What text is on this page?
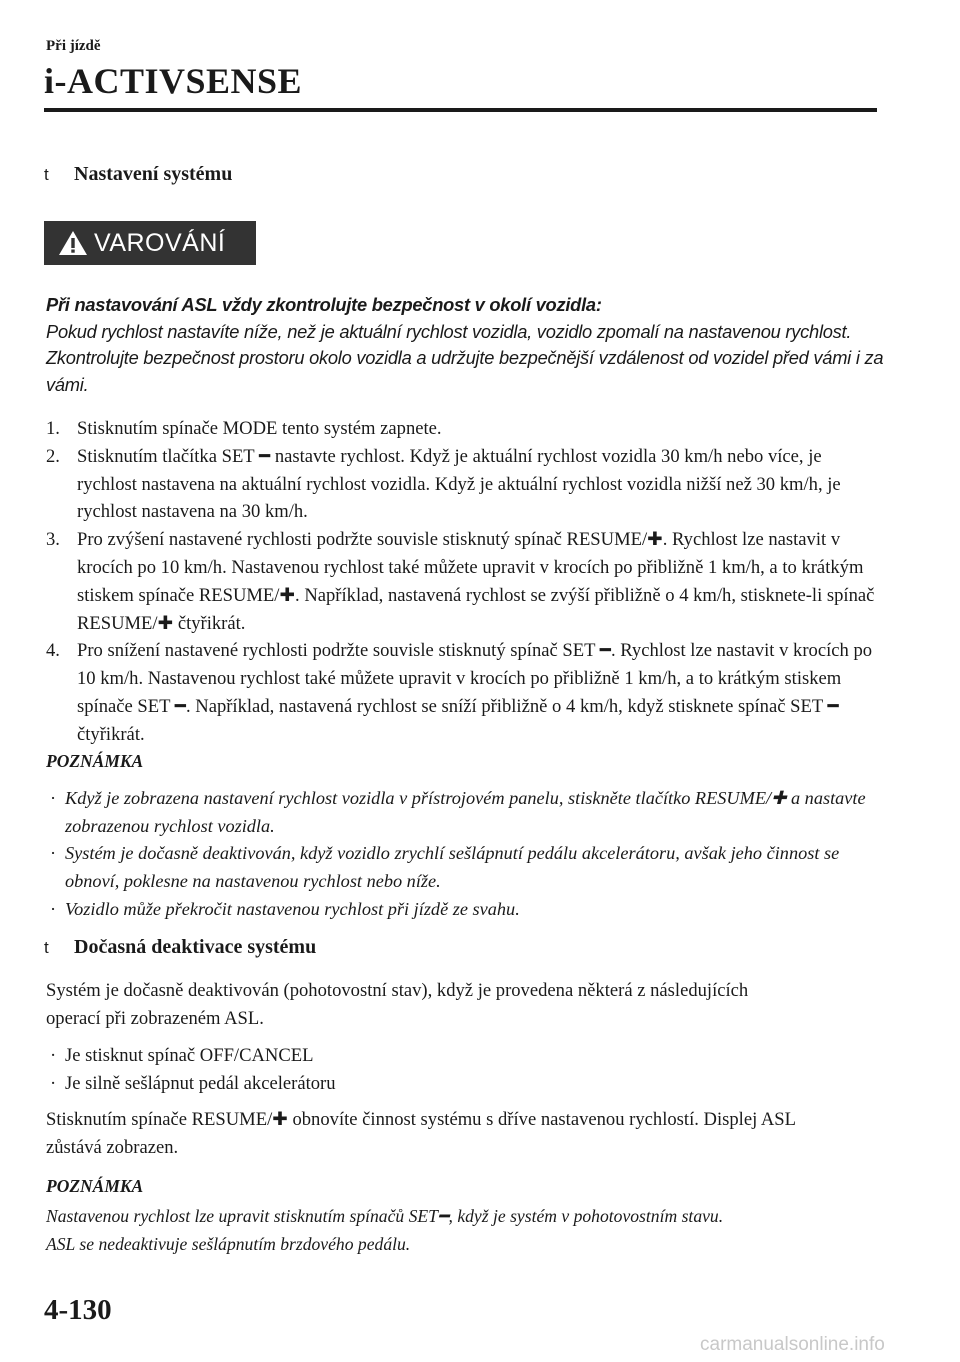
Při jízdě
i-ACTIVSENSE
t	Nastavení systému
VAROVÁNÍ
Při nastavování ASL vždy zkontrolujte bezpečnost v okolí vozidla:
Pokud rychlost nastavíte níže, než je aktuální rychlost vozidla, vozidlo zpomalí na nastavenou rychlost. Zkontrolujte bezpečnost prostoru okolo vozidla a udržujte bezpečnější vzdálenost od vozidel před vámi i za vámi.
1. Stisknutím spínače MODE tento systém zapnete.
2. Stisknutím tlačítka SET ━ nastavte rychlost. Když je aktuální rychlost vozidla 30 km/h nebo více, je rychlost nastavena na aktuální rychlost vozidla. Když je aktuální rychlost vozidla nižší než 30 km/h, je rychlost nastavena na 30 km/h.
3. Pro zvýšení nastavené rychlosti podržte souvisle stisknutý spínač RESUME/✚. Rychlost lze nastavit v krocích po 10 km/h. Nastavenou rychlost také můžete upravit v krocích po přibližně 1 km/h, a to krátkým stiskem spínače RESUME/✚. Například, nastavená rychlost se zvýší přibližně o 4 km/h, stisknete-li spínač RESUME/✚ čtyřikrát.
4. Pro snížení nastavené rychlosti podržte souvisle stisknutý spínač SET ━. Rychlost lze nastavit v krocích po 10 km/h. Nastavenou rychlost také můžete upravit v krocích po přibližně 1 km/h, a to krátkým stiskem spínače SET ━. Například, nastavená rychlost se sníží přibližně o 4 km/h, když stisknete spínač SET ━ čtyřikrát.
POZNÁMKA
· Když je zobrazena nastavení rychlost vozidla v přístrojovém panelu, stiskněte tlačítko RESUME/✚ a nastavte zobrazenou rychlost vozidla.
· Systém je dočasně deaktivován, když vozidlo zrychlí sešlápnutí pedálu akcelerátoru, avšak jeho činnost se obnoví, poklesne na nastavenou rychlost nebo níže.
· Vozidlo může překročit nastavenou rychlost při jízdě ze svahu.
t	Dočasná deaktivace systému
Systém je dočasně deaktivován (pohotovostní stav), když je provedena některá z následujících operací při zobrazeném ASL.
· Je stisknut spínač OFF/CANCEL
· Je silně sešlápnut pedál akcelerátoru
Stisknutím spínače RESUME/✚ obnovíte činnost systému s dříve nastavenou rychlostí. Displej ASL zůstává zobrazen.
POZNÁMKA
Nastavenou rychlost lze upravit stisknutím spínačů SET━, když je systém v pohotovostním stavu.
ASL se nedeaktivuje sešlápnutím brzdového pedálu.
4-130
carmanualsonline.info
